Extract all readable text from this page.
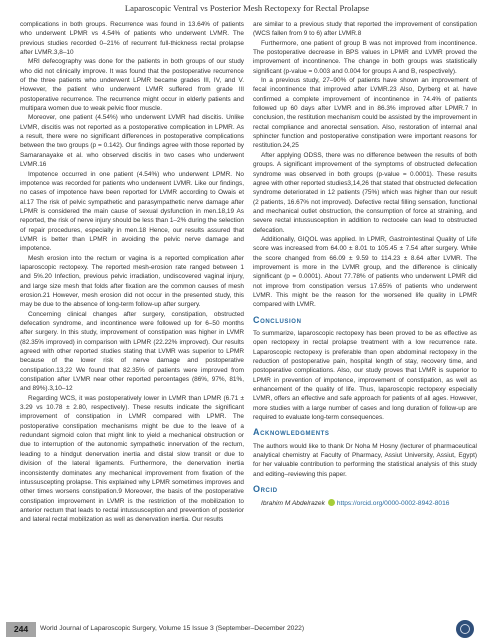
Laparoscopic Ventral vs Posterior Mesh Rectopexy for Rectal Prolapse

complications in both groups. Recurrence was found in 13.64% of patients who underwent LPMR vs 4.54% of patients who underwent LVMR. The previous studies recorded 0–21% of recurrent full-thickness rectal prolapse after LVMR.3,8–10

MRI defecography was done for the patients in both groups of our study who did not clinically improve. It was found that the postoperative recurrence of the three patients who underwent LPMR became grades III, IV, and V. However, the patient who underwent LVMR suffered from grade III postoperative recurrence. The recurrence might occur in elderly patients and multipara women due to weak pelvic floor muscle.

Moreover, one patient (4.54%) who underwent LVMR had discitis. Unlike LVMR, discitis was not reported as a postoperative complication in LPMR. As a result, there were no significant differences in postoperative complications between the two groups (p = 0.142). Our findings agree with those reported by Samaranayake et al. who observed discitis in two cases who underwent LVMR.16

Impotence occurred in one patient (4.54%) who underwent LPMR. No impotence was recorded for patients who underwent LVMR. Like our findings, no cases of impotence have been reported for LVMR according to Owais et al.17 The risk of pelvic sympathetic and parasympathetic nerve damage after LPMR is considered the main cause of sexual dysfunction in men.18,19 As reported, the risk of nerve injury should be less than 1–2% during the selection of repair procedures, especially in men.18 Hence, our results assured that LVMR is better than LPMR in avoiding the pelvic nerve damage and impotence.

Mesh erosion into the rectum or vagina is a reported complication after laparoscopic rectopexy. The reported mesh-erosion rate ranged between 1 and 5%.20 Infection, previous pelvic irradiation, undiscovered vaginal injury, and large size mesh that folds after fixation are the common causes of mesh erosion.21 However, mesh erosion did not occur in the presented study, this may be due to the absence of long-term follow-up after surgery.

Concerning clinical changes after surgery, constipation, obstructed defecation syndrome, and incontinence were followed up for 6–50 months after surgery. In this study, improvement of constipation was higher in LVMR (82.35% improved) in comparison with LPMR (22.22% improved). Our results agreed with other reported studies stating that LVMR was superior to LPMR because of the lower risk of nerve damage and postoperative constipation.13,22 We found that 82.35% of patients were improved from constipation after LVMR near other reported percentages (86%, 97%, 81%, and 89%).3,10–12

Regarding WCS, it was postoperatively lower in LVMR than LPMR (6.71 ± 3.29 vs 10.78 ± 2.80, respectively). These results indicate the significant improvement of constipation in LVMR compared with LPMR. The postoperative constipation mechanisms might be due to the leave of a redundant sigmoid colon that might link to yield a mechanical obstruction or due to interruption of the autonomic sympathetic innervation of the rectum, leading to a hindgut denervation inertia and distal slow transit or due to division of the lateral ligaments. Furthermore, the denervation inertia inconsistently dominates any mechanical improvement from fixation of the intussuscepting prolapse. This explained why LPMR sometimes improves and other times worsens constipation.9 Moreover, the basis of the postoperative constipation improvement in LVMR is the restriction of the mobilization to anterior rectum that leads to rectal intussusception and prevention of posterior and lateral rectal mobilization as well as denervation inertia. Our results

are similar to a previous study that reported the improvement of constipation (WCS fallen from 9 to 6) after LVMR.8

Furthermore, one patient of group B was not improved from incontinence. The postoperative decrease in BPS values in LPMR and LVMR proved the improvement of incontinence. The change in both groups was statistically significant (p-value = 0.003 and 0.004 for groups A and B, respectively).

In a previous study, 27–90% of patients have shown an improvement of fecal incontinence that improved after LVMR.23 Also, Dyrberg et al. have confirmed a complete improvement of incontinence in 74.4% of patients followed up 60 days after LVMR and in 86.3% improved after LPMR.7 In conclusion, the restitution mechanism could be assisted by the improvement in rectal compliance and anorectal sensation. Also, restoration of internal anal sphincter function and postoperative constipation were important reasons for restitution.24,25

After applying ODSS, there was no difference between the results of both groups. A significant improvement of the symptoms of obstructed defecation syndrome was observed in both groups (p-value = 0.0001). These results agree with other reported studies3,14,26 that stated that obstructed defecation syndrome deteriorated in 12 patients (75%) which was higher than our result (2 patients, 16.67% not improved). Defective rectal filling sensation, functional and mechanical outlet obstruction, the consumption of force at straining, and severe rectal intussusception in addition to rectocele can lead to obstructed defecation.

Additionally, GIQOL was applied. In LPMR, Gastrointestinal Quality of Life score was increased from 64.00 ± 8.01 to 105.45 ± 7.54 after surgery. While the score changed from 66.09 ± 9.59 to 114.23 ± 8.64 after LVMR. The improvement is more in the LVMR group, and the difference is clinically significant (p = 0.0001). About 77.78% of patients who underwent LPMR did not improve from constipation versus 17.65% of patients who underwent LVMR. This might be the reason for the worsened life quality in LPMR compared with LVMR.

Conclusion

To summarize, laparoscopic rectopexy has been proved to be as effective as open rectopexy in rectal prolapse treatment with a low recurrence rate. Laparoscopic rectopexy is preferable than open abdominal rectopexy in the reduction of postoperative pain, hospital length of stay, recovery time, and postoperative complications. Also, our study proves that LVMR is superior to LPMR in prevention of impotence, improvement of constipation, as well as enhancement of the quality of life. Thus, laparoscopic rectopexy especially LVMR, offers an effective and safe approach for patients of all ages. However, more studies with a large number of cases and long duration of follow-up are required to evaluate long-term consequences.

Acknowledgments

The authors would like to thank Dr Noha M Hosny (lecturer of pharmaceutical analytical chemistry at Faculty of Pharmacy, Assiut University, Assiut, Egypt) for her valuable contribution to performing the statistical analysis of this study and editing–reviewing this paper.

Orcid

Ibrahim M Abdelrazek https://orcid.org/0000-0002-8942-8016

244	World Journal of Laparoscopic Surgery, Volume 15 Issue 3 (September–December 2022)
